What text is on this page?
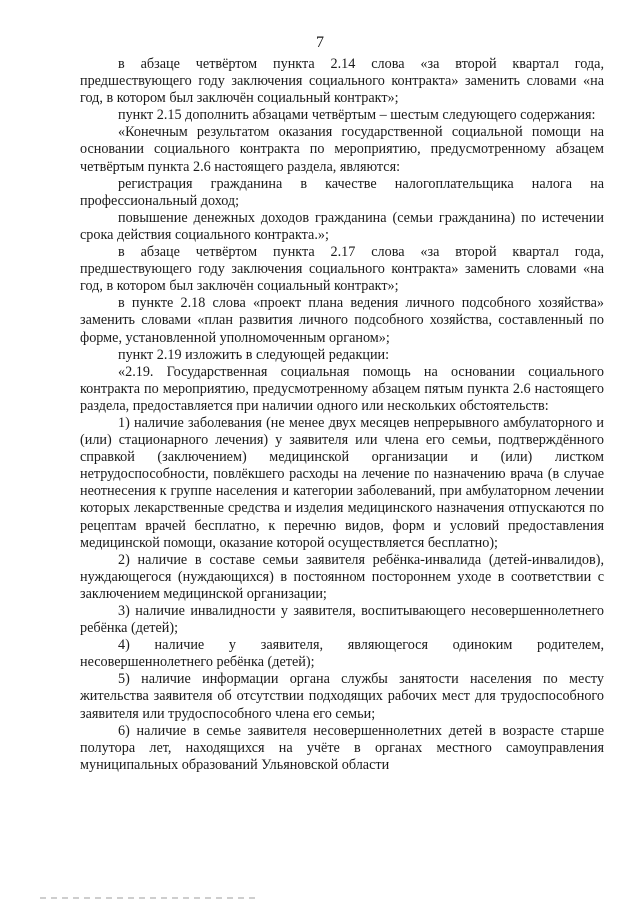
7

в абзаце четвёртом пункта 2.14 слова «за второй квартал года, предшествующего году заключения социального контракта» заменить словами «на год, в котором был заключён социальный контракт»;

пункт 2.15 дополнить абзацами четвёртым – шестым следующего содержания:

«Конечным результатом оказания государственной социальной помощи на основании социального контракта по мероприятию, предусмотренному абзацем четвёртым пункта 2.6 настоящего раздела, являются:

регистрация гражданина в качестве налогоплательщика налога на профессиональный доход;

повышение денежных доходов гражданина (семьи гражданина) по истечении срока действия социального контракта.»;

в абзаце четвёртом пункта 2.17 слова «за второй квартал года, предшествующего году заключения социального контракта» заменить словами «на год, в котором был заключён социальный контракт»;

в пункте 2.18 слова «проект плана ведения личного подсобного хозяйства» заменить словами «план развития личного подсобного хозяйства, составленный по форме, установленной уполномоченным органом»;

пункт 2.19 изложить в следующей редакции:

«2.19. Государственная социальная помощь на основании социального контракта по мероприятию, предусмотренному абзацем пятым пункта 2.6 настоящего раздела, предоставляется при наличии одного или нескольких обстоятельств:

1) наличие заболевания (не менее двух месяцев непрерывного амбулаторного и (или) стационарного лечения) у заявителя или члена его семьи, подтверждённого справкой (заключением) медицинской организации и (или) листком нетрудоспособности, повлёкшего расходы на лечение по назначению врача (в случае неотнесения к группе населения и категории заболеваний, при амбулаторном лечении которых лекарственные средства и изделия медицинского назначения отпускаются по рецептам врачей бесплатно, к перечню видов, форм и условий предоставления медицинской помощи, оказание которой осуществляется бесплатно);

2) наличие в составе семьи заявителя ребёнка-инвалида (детей-инвалидов), нуждающегося (нуждающихся) в постоянном постороннем уходе в соответствии с заключением медицинской организации;

3) наличие инвалидности у заявителя, воспитывающего несовершеннолетнего ребёнка (детей);

4) наличие у заявителя, являющегося одиноким родителем, несовершеннолетнего ребёнка (детей);

5) наличие информации органа службы занятости населения по месту жительства заявителя об отсутствии подходящих рабочих мест для трудоспособного заявителя или трудоспособного члена его семьи;

6) наличие в семье заявителя несовершеннолетних детей в возрасте старше полутора лет, находящихся на учёте в органах местного самоуправления муниципальных образований Ульяновской области
